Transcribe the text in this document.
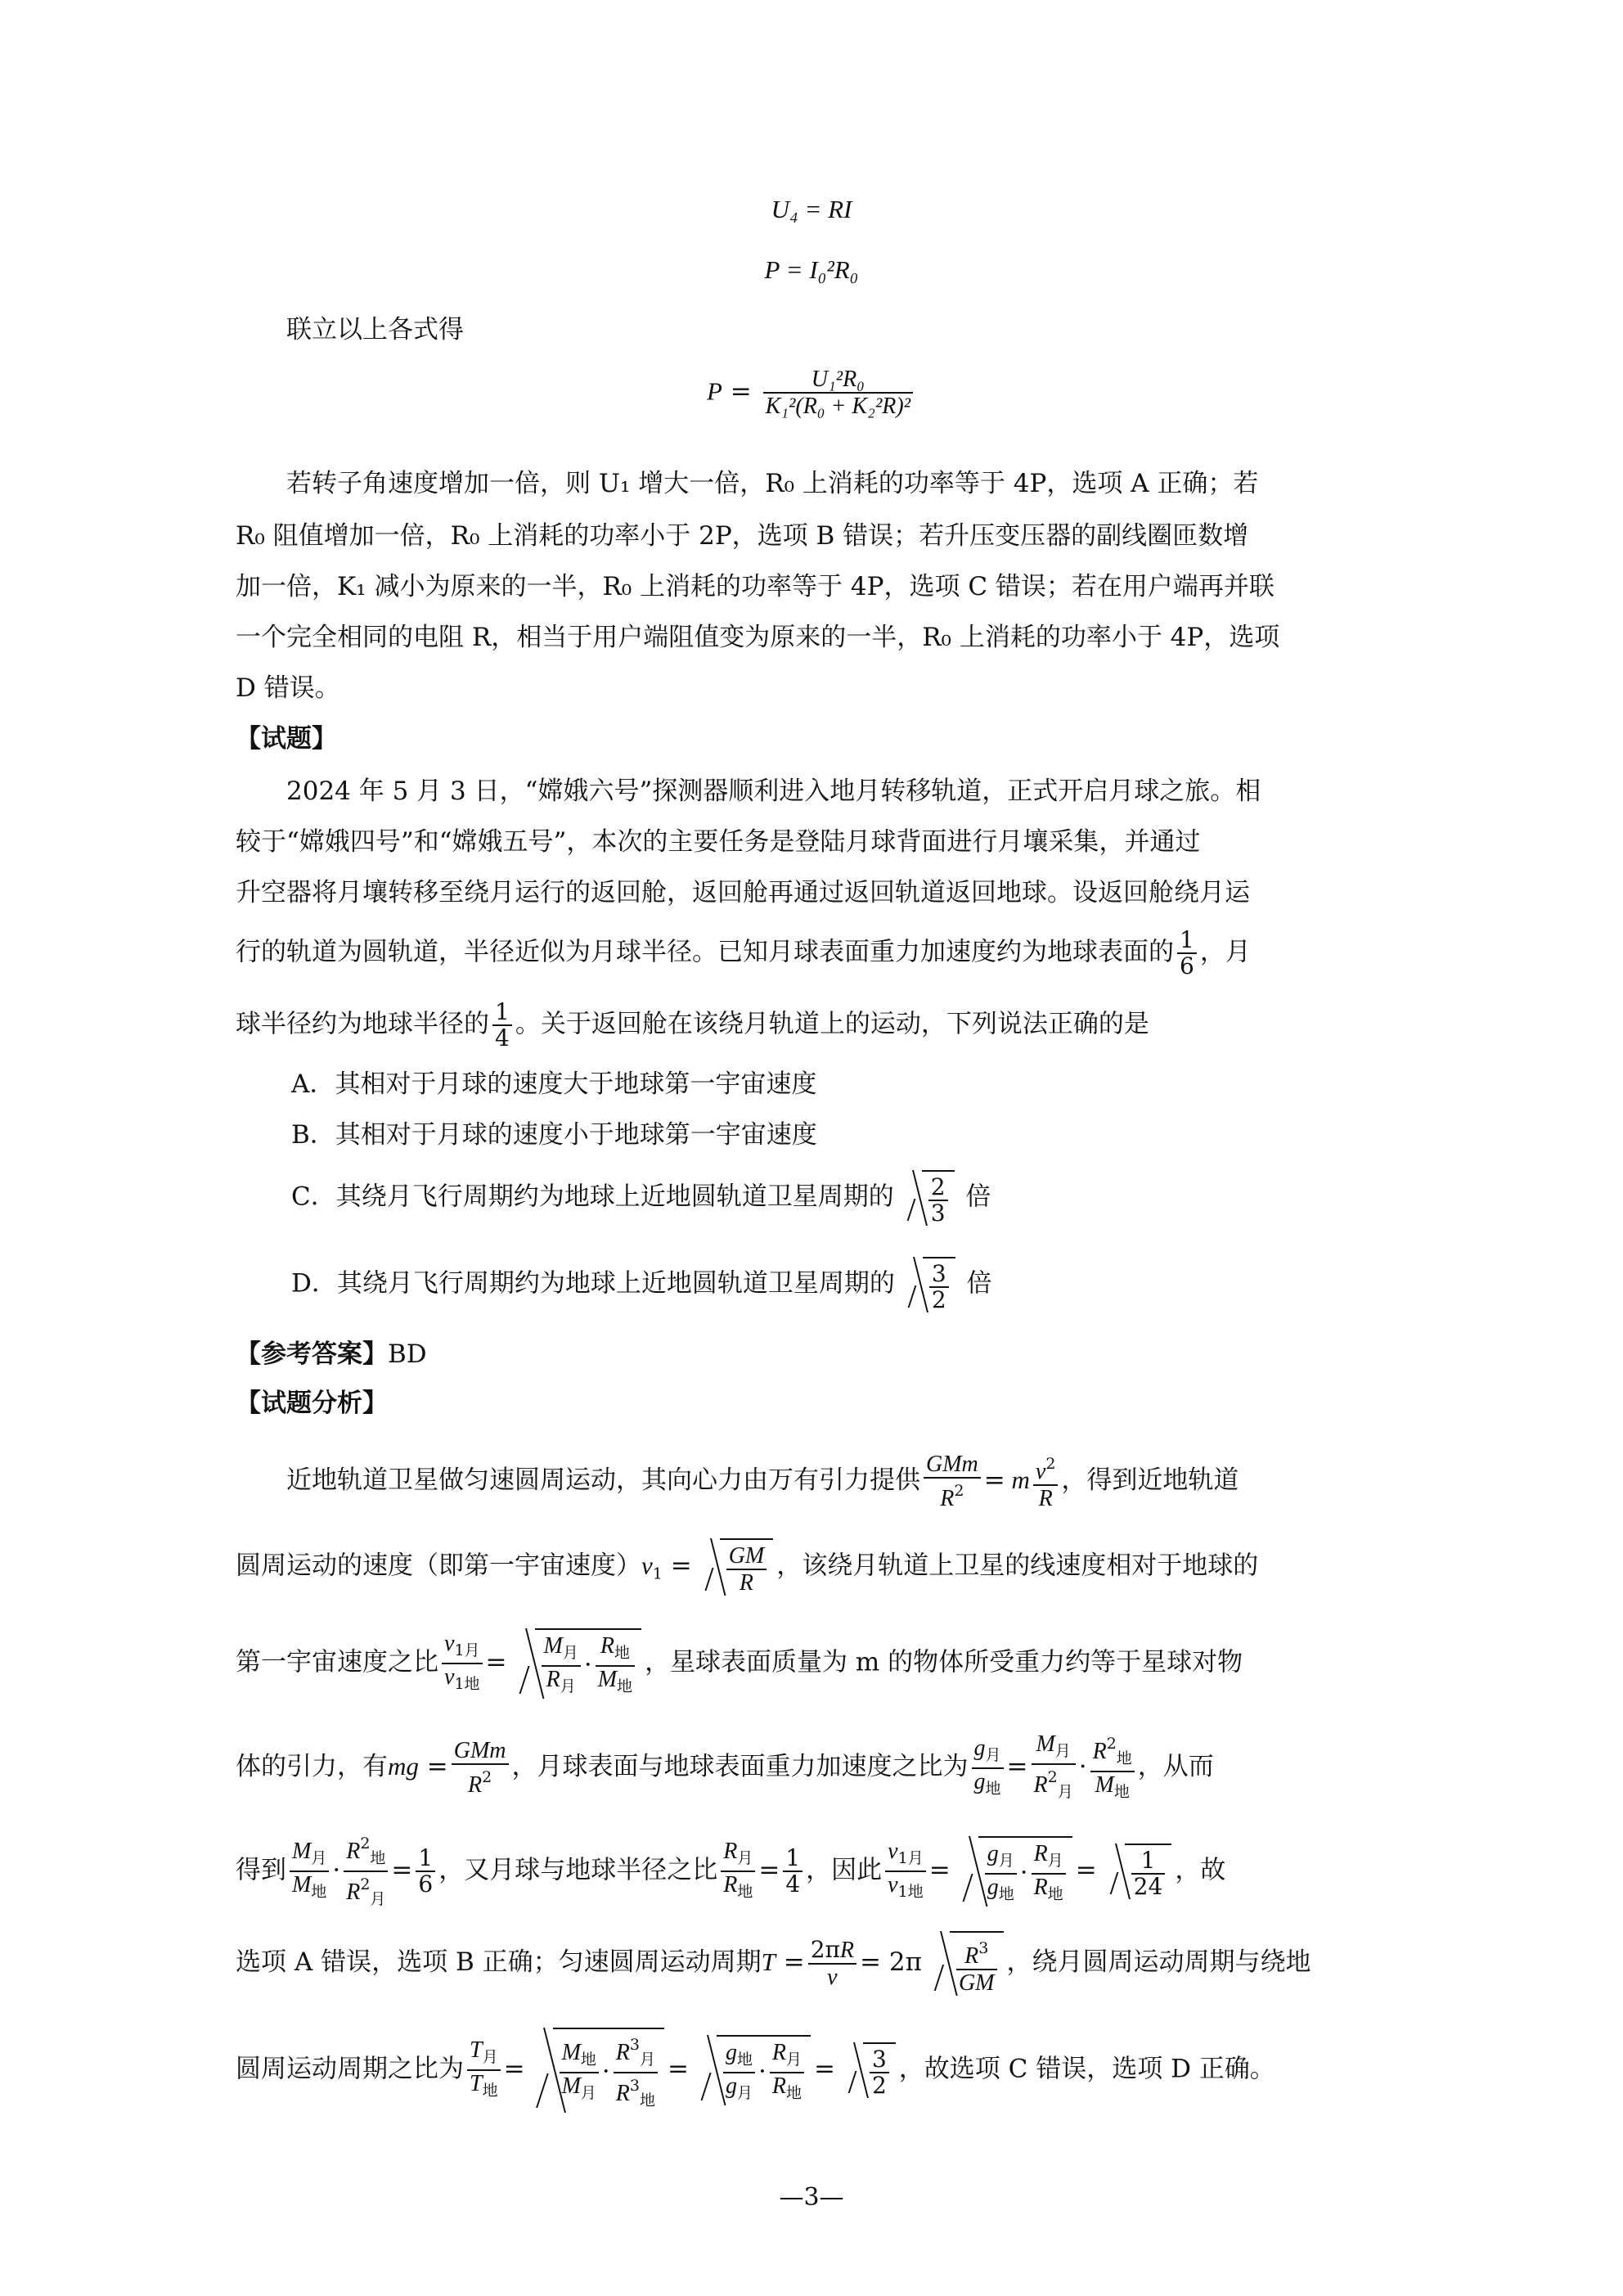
U₄ = RI
P = I₀²R₀
联立以上各式得
$P = \frac{\text{U₁²R₀}}{\text{K₁²(R₀ + K₂²R)²}}$
若转子角速度增加一倍，则 U₁ 增大一倍，R₀ 上消耗的功率等于 4P，选项 A 正确；若
R₀ 阻值增加一倍，R₀ 上消耗的功率小于 2P，选项 B 错误；若升压变压器的副线圈匝数增
加一倍，K₁ 减小为原来的一半，R₀ 上消耗的功率等于 4P，选项 C 错误；若在用户端再并联
一个完全相同的电阻 R，相当于用户端阻值变为原来的一半，R₀ 上消耗的功率小于 4P，选项
D 错误。
【试题】
2024 年 5 月 3 日，“嫦娥六号”探测器顺利进入地月转移轨道，正式开启月球之旅。相
较于“嫦娥四号”和“嫦娥五号”，本次的主要任务是登陆月球背面进行月壤采集，并通过
升空器将月壤转移至绕月运行的返回舱，返回舱再通过返回轨道返回地球。设返回舱绕月运
行的轨道为圆轨道，半径近似为月球半径。已知月球表面重力加速度约为地球表面的 $\frac{1}{6}$ ，月
球半径约为地球半径的 $\frac{1}{4}$ 。关于返回舱在该绕月轨道上的运动，下列说法正确的是
A．其相对于月球的速度大于地球第一宇宙速度
B．其相对于月球的速度小于地球第一宇宙速度
C．其绕月飞行周期约为地球上近地圆轨道卫星周期的 $\frac{2}{3}$ 倍
D．其绕月飞行周期约为地球上近地圆轨道卫星周期的 $\frac{3}{2}$ 倍
【参考答案】BD
【试题分析】
近地轨道卫星做匀速圆周运动，其向心力由万有引力提供 $\frac{\text{GMm}}{R^2} = m \frac{v^2}{R}$ ，得到近地轨道
圆周运动的速度（即第一宇宙速度）$v_1 = \frac{GM}{R}$ ，该绕月轨道上卫星的线速度相对于地球的
第一宇宙速度之比 $\frac{v_{1月}}{v_{1地}} = \frac{M_月}{R_月} \cdot \frac{R_地}{M_地}$ ，星球表面质量为 m 的物体所受重力约等于星球对物
体的引力，有mg = $\frac{\text{GMm}}{R^2}$ ，月球表面与地球表面重力加速度之比为 $\frac{g_月}{g_地} = \frac{M_月}{R^2_月} \cdot \frac{R^2_地}{M_地}$ ，从而
得到 $\frac{M_月}{M_地} \cdot \frac{R^2_地}{R^2_月} = \frac{1}{6}$ ，又月球与地球半径之比 $\frac{R_月}{R_地} = \frac{1}{4}$ ，因此 $\frac{v_{1月}}{v_{1地}} = \frac{g_月}{g_地} \cdot \frac{R_月}{R_地} = \frac{1}{24}$ ，故
选项 A 错误，选项 B 正确；匀速圆周运动周期$T = \frac{2\pi R}{v} = 2\pi \frac{R^3}{GM}$ ，绕月圆周运动周期与绕地
圆周运动周期之比为 $\frac{T_月}{T_地} = \frac{M_地}{M_月} \cdot \frac{R^3_月}{R^3_地} = \frac{g_地}{g_月} \cdot \frac{R_月}{R_地} = \frac{3}{2}$ ，故选项 C 错误，选项 D 正确。
—3—
